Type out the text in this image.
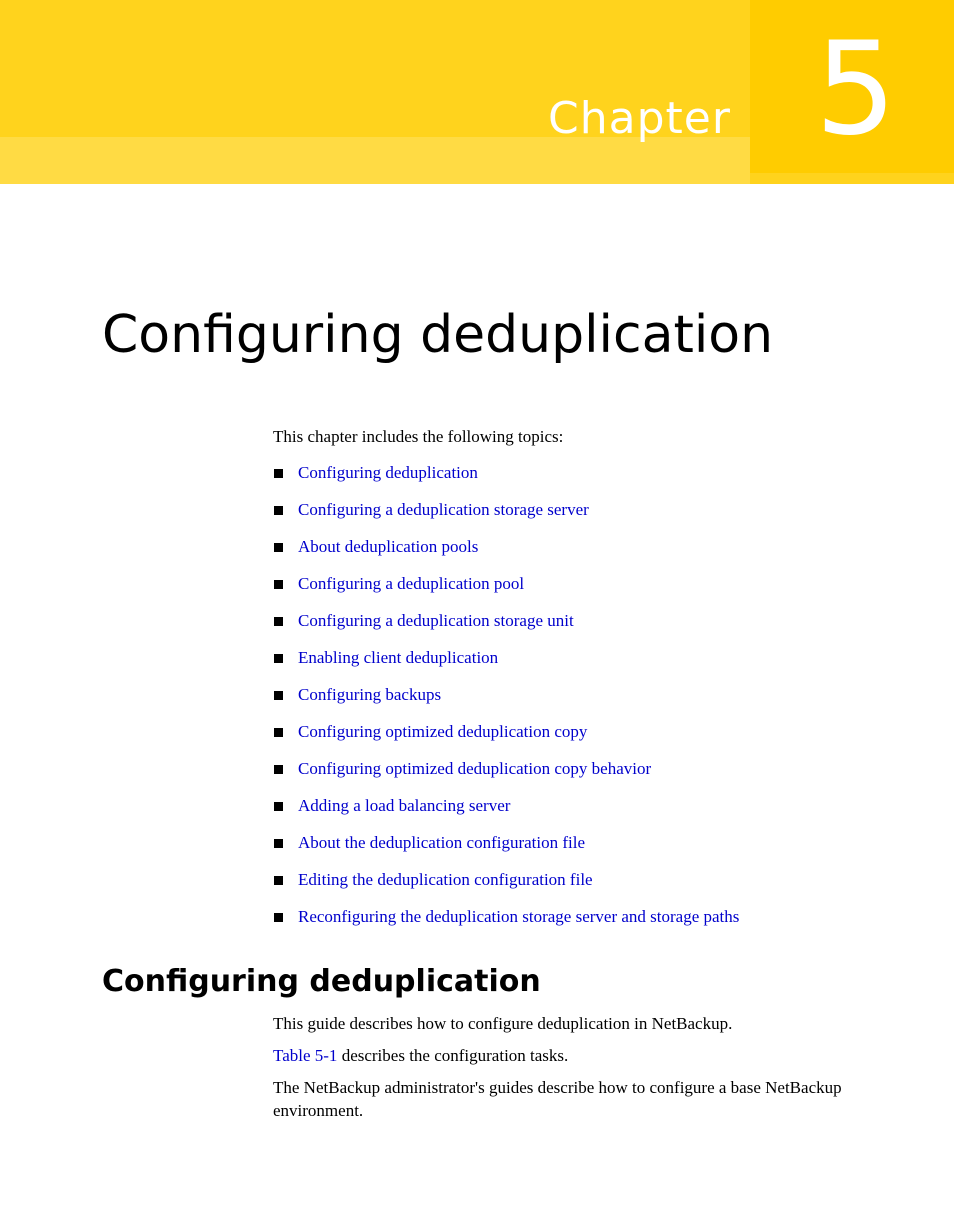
Chapter 5
Configuring deduplication

This chapter includes the following topics:

Configuring deduplication
Configuring a deduplication storage server
About deduplication pools
Configuring a deduplication pool
Configuring a deduplication storage unit
Enabling client deduplication
Configuring backups
Configuring optimized deduplication copy
Configuring optimized deduplication copy behavior
Adding a load balancing server
About the deduplication configuration file
Editing the deduplication configuration file
Reconfiguring the deduplication storage server and storage paths
Configuring deduplication

This guide describes how to configure deduplication in NetBackup.

Table 5-1 describes the configuration tasks.

The NetBackup administrator's guides describe how to configure a base NetBackup environment.
